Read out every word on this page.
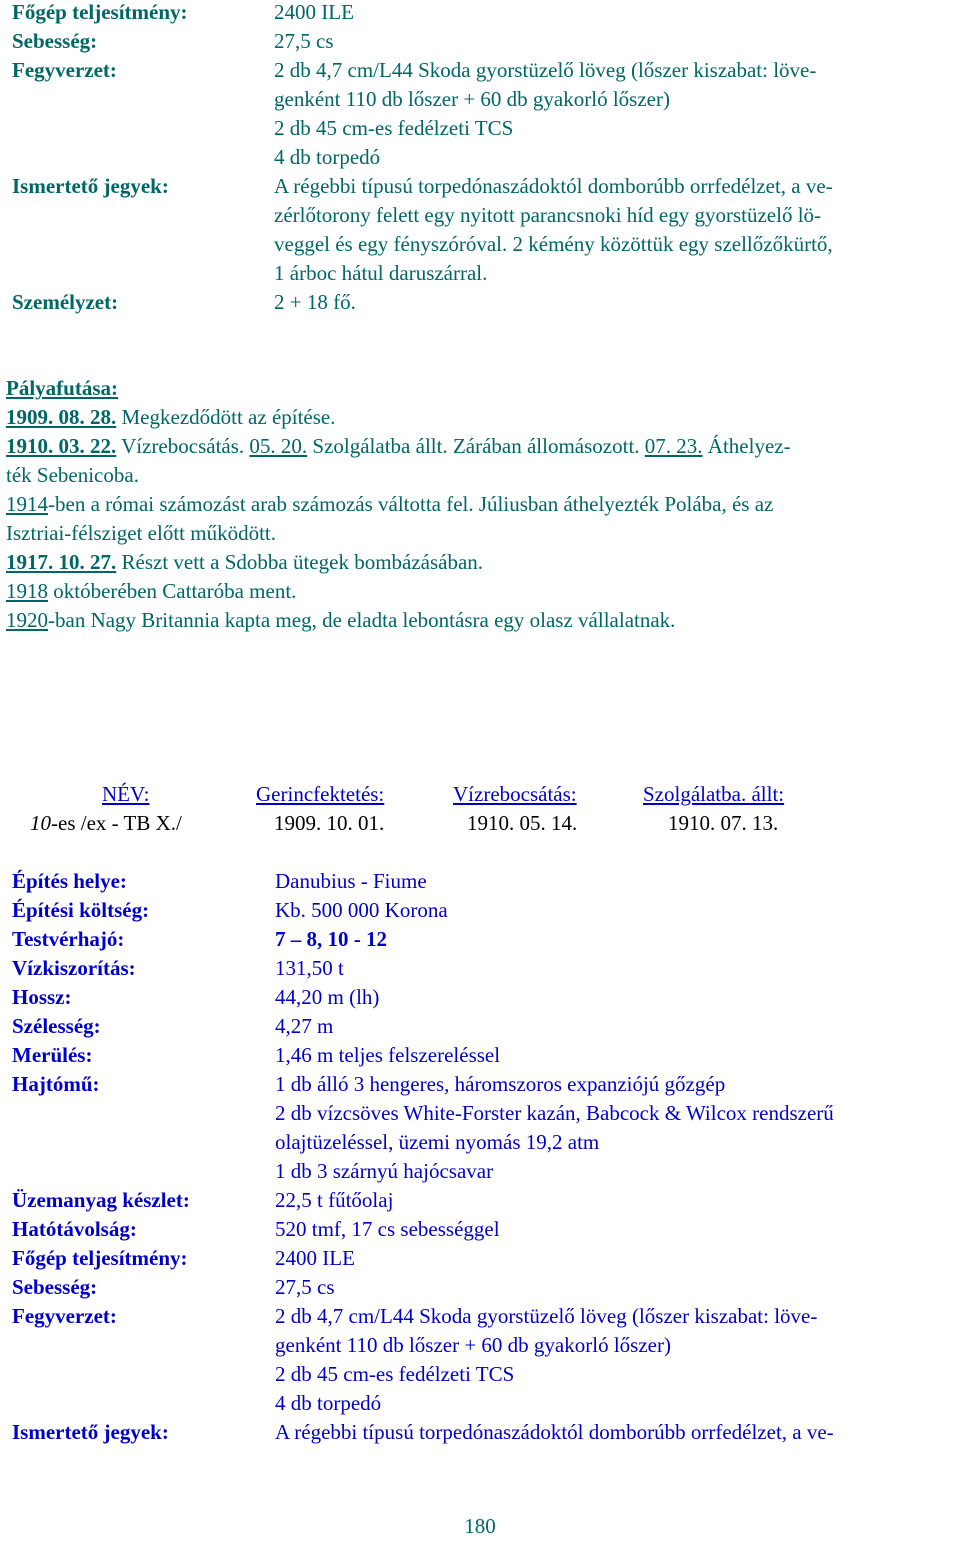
Főgép teljesítmény:	2400 ILE
Sebesség:	27,5 cs
Fegyverzet:	2 db 4,7 cm/L44 Skoda gyorstüzelő löveg (lőszer kiszabat: löve-
genként 110 db lőszer + 60 db gyakorló lőszer)
2 db 45 cm-es fedélzeti TCS
4 db torpedó
Ismertető jegyek:	A régebbi típusú torpedónaszádoktól domborúbb orrfedélzet, a ve-
zérlőtorony felett egy nyitott parancsnoki híd egy gyorstüzelő lö-
veggel és egy fényszóróval. 2 kémény közöttük egy szellőzőkürtő,
1 árboc hátul daruszárral.
Személyzet:	2 + 18 fő.
Pályafutása:
1909. 08. 28. Megkezdődött az építése.
1910. 03. 22. Vízrebocsátás. 05. 20. Szolgálatba állt. Zárában állomásozott. 07. 23. Áthelyez-
ték Sebenicoba.
1914-ben a római számozást arab számozás váltotta fel. Júliusban áthelyezték Polába, és az
Isztriai-félsziget előtt működött.
1917. 10. 27. Részt vett a Sdobba ütegek bombázásában.
1918 októberében Cattaróba ment.
1920-ban Nagy Britannia kapta meg, de eladta lebontásra egy olasz vállalatnak.
NÉV:	Gerincfektetés:	Vízrebocsátás:	Szolgálatba. állt:
10-es /ex - TB X./	1909. 10. 01.	1910. 05. 14.	1910. 07. 13.
Építés helye:	Danubius - Fiume
Építési költség:	Kb. 500 000 Korona
Testvérhajó:	7 – 8, 10 - 12
Vízkiszorítás:	131,50 t
Hossz:	44,20 m (lh)
Szélesség:	4,27 m
Merülés:	1,46 m teljes felszereléssel
Hajtómű:	1 db álló 3 hengeres, háromszoros expanziójú gőzgép
2 db vízcsöves White-Forster kazán, Babcock & Wilcox rendszerű
olajtüzeléssel, üzemi nyomás 19,2 atm
1 db 3 szárnyú hajócsavar
Üzemanyag készlet:	22,5 t fűtőolaj
Hatótávolság:	520 tmf, 17 cs sebességgel
Főgép teljesítmény:	2400 ILE
Sebesség:	27,5 cs
Fegyverzet:	2 db 4,7 cm/L44 Skoda gyorstüzelő löveg (lőszer kiszabat: löve-
genként 110 db lőszer + 60 db gyakorló lőszer)
2 db 45 cm-es fedélzeti TCS
4 db torpedó
Ismertető jegyek:	A régebbi típusú torpedónaszádoktól domborúbb orrfedélzet, a ve-
180
